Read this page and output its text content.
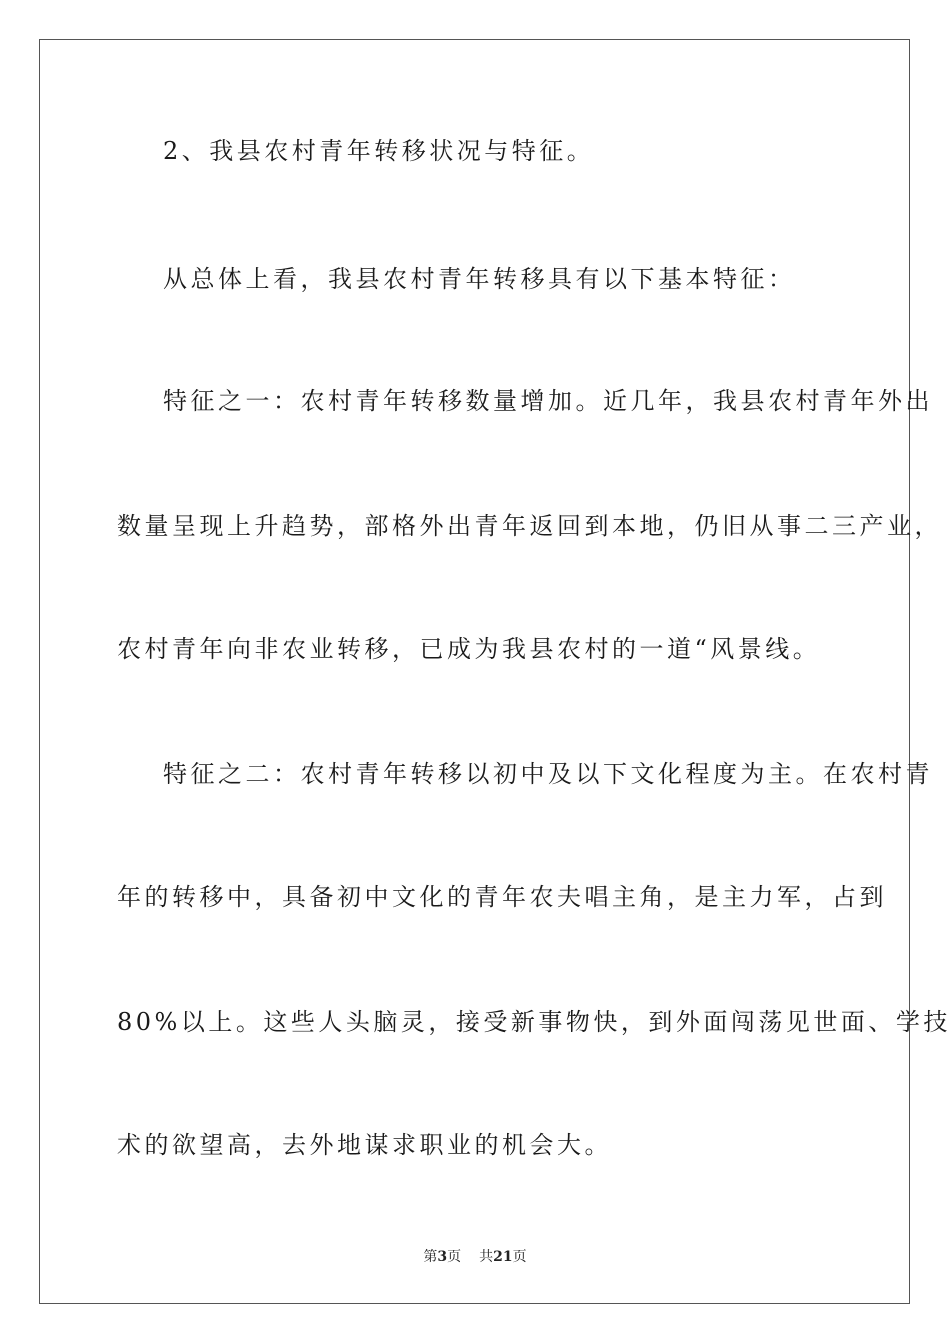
2、我县农村青年转移状况与特征。
从总体上看，我县农村青年转移具有以下基本特征：
特征之一：农村青年转移数量增加。近几年，我县农村青年外出
数量呈现上升趋势，部格外出青年返回到本地，仍旧从事二三产业，
农村青年向非农业转移，已成为我县农村的一道“风景线。
特征之二：农村青年转移以初中及以下文化程度为主。在农村青
年的转移中，具备初中文化的青年农夫唱主角，是主力军，占到
80%以上。这些人头脑灵，接受新事物快，到外面闯荡见世面、学技
术的欲望高，去外地谋求职业的机会大。
第3页 共21页
